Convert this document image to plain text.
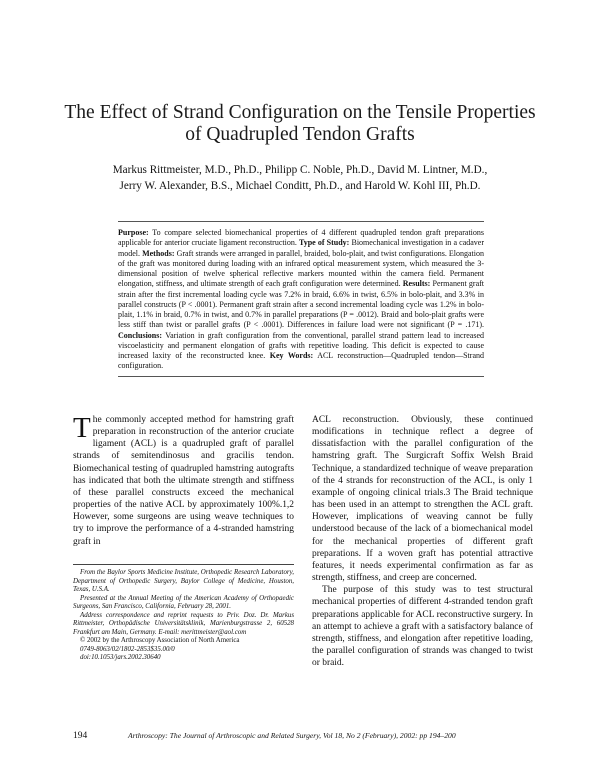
The Effect of Strand Configuration on the Tensile Properties
of Quadrupled Tendon Grafts
Markus Rittmeister, M.D., Ph.D., Philipp C. Noble, Ph.D., David M. Lintner, M.D.,
Jerry W. Alexander, B.S., Michael Conditt, Ph.D., and Harold W. Kohl III, Ph.D.

Purpose: To compare selected biomechanical properties of 4 different quadrupled tendon graft preparations applicable for anterior cruciate ligament reconstruction. Type of Study: Biomechanical investigation in a cadaver model. Methods: Graft strands were arranged in parallel, braided, bolo-plait, and twist configurations. Elongation of the graft was monitored during loading with an infrared optical measurement system, which measured the 3-dimensional position of twelve spherical reflective markers mounted within the camera field. Permanent elongation, stiffness, and ultimate strength of each graft configuration were determined. Results: Permanent graft strain after the first incremental loading cycle was 7.2% in braid, 6.6% in twist, 6.5% in bolo-plait, and 3.3% in parallel constructs (P < .0001). Permanent graft strain after a second incremental loading cycle was 1.2% in bolo-plait, 1.1% in braid, 0.7% in twist, and 0.7% in parallel preparations (P = .0012). Braid and bolo-plait grafts were less stiff than twist or parallel grafts (P < .0001). Differences in failure load were not significant (P = .171). Conclusions: Variation in graft configuration from the conventional, parallel strand pattern lead to increased viscoelasticity and permanent elongation of grafts with repetitive loading. This deficit is expected to cause increased laxity of the reconstructed knee. Key Words: ACL reconstruction—Quadrupled tendon—Strand configuration.

The commonly accepted method for hamstring graft preparation in reconstruction of the anterior cruciate ligament (ACL) is a quadrupled graft of parallel strands of semitendinosus and gracilis tendon. Biomechanical testing of quadrupled hamstring autografts has indicated that both the ultimate strength and stiffness of these parallel constructs exceed the mechanical properties of the native ACL by approximately 100%.1,2 However, some surgeons are using weave techniques to try to improve the performance of a 4-stranded hamstring graft in

ACL reconstruction. Obviously, these continued modifications in technique reflect a degree of dissatisfaction with the parallel configuration of the hamstring graft. The Surgicraft Soffix Welsh Braid Technique, a standardized technique of weave preparation of the 4 strands for reconstruction of the ACL, is only 1 example of ongoing clinical trials.3 The Braid technique has been used in an attempt to strengthen the ACL graft. However, implications of weaving cannot be fully understood because of the lack of a biomechanical model for the mechanical properties of different graft preparations. If a woven graft has potential attractive features, it needs experimental confirmation as far as strength, stiffness, and creep are concerned.

The purpose of this study was to test structural mechanical properties of different 4-stranded tendon graft preparations applicable for ACL reconstructive surgery. In an attempt to achieve a graft with a satisfactory balance of strength, stiffness, and elongation after repetitive loading, the parallel configuration of strands was changed to twist or braid.

From the Baylor Sports Medicine Institute, Orthopedic Research Laboratory, Department of Orthopedic Surgery, Baylor College of Medicine, Houston, Texas, U.S.A.

Presented at the Annual Meeting of the American Academy of Orthopaedic Surgeons, San Francisco, California, February 28, 2001.

Address correspondence and reprint requests to Priv. Doz. Dr. Markus Rittmeister, Orthopädische Universitätsklinik, Marienburgstrasse 2, 60528 Frankfurt am Main, Germany. E-mail: merittmeister@aol.com

© 2002 by the Arthroscopy Association of North America

0749-8063/02/1802-2853$35.00/0

doi:10.1053/jars.2002.30640

194	Arthroscopy: The Journal of Arthroscopic and Related Surgery, Vol 18, No 2 (February), 2002: pp 194–200
